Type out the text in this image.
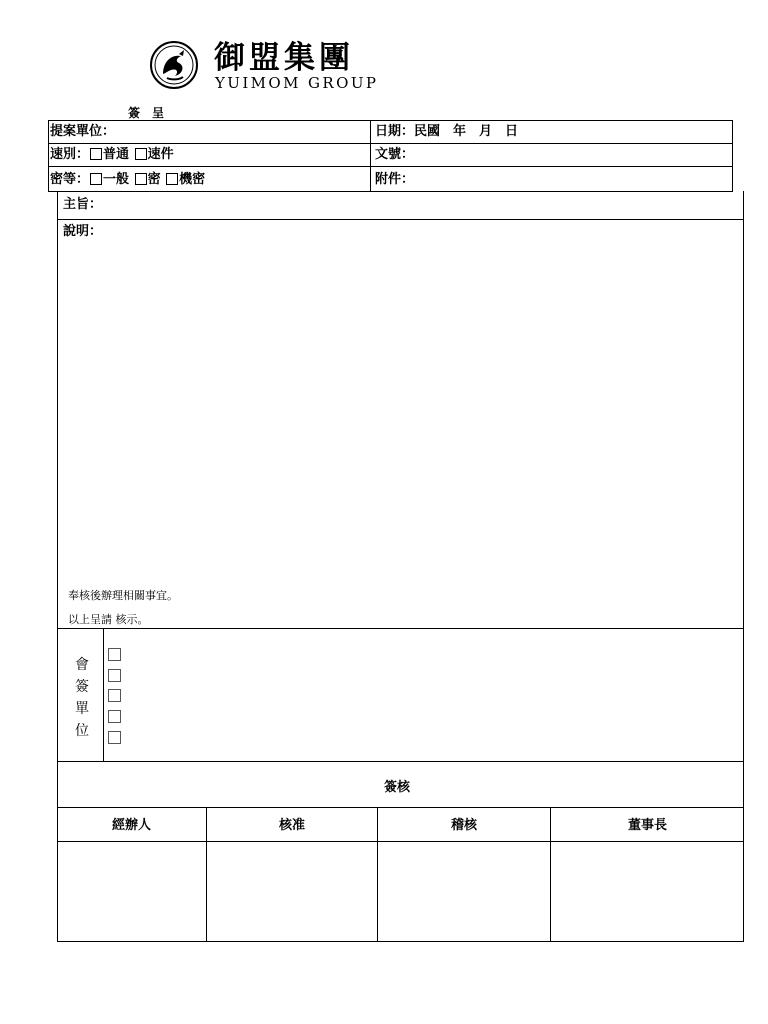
御盟集團
YUIMOM GROUP
簽　呈
提案單位：	日期：民國　年　月　日
速別： 普通 速件	文號：
密等： 一般 密 機密	附件：
主旨：
說明：
奉核後辦理相關事宜。
以上呈請 核示。
會
簽
單
位
簽核
經辦人	核准	稽核	董事長
